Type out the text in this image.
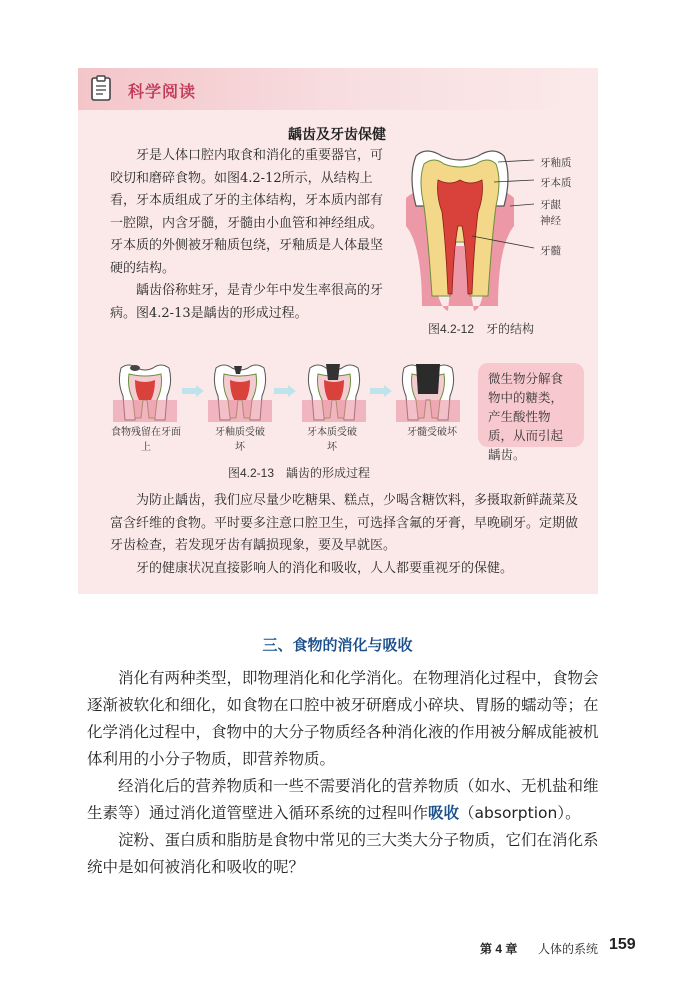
科学阅读
龋齿及牙齿保健

牙是人体口腔内取食和消化的重要器官，可咬切和磨碎食物。如图4.2-12所示，从结构上看，牙本质组成了牙的主体结构，牙本质内部有一腔隙，内含牙髓，牙髓由小血管和神经组成。牙本质的外侧被牙釉质包绕，牙釉质是人体最坚硬的结构。

龋齿俗称蛀牙，是青少年中发生率很高的牙病。图4.2-13是龋齿的形成过程。

牙釉质
牙本质
牙龈
神经
牙髓
图4.2-12　牙的结构
食物残留在牙面上
牙釉质受破坏
牙本质受破坏
牙髓受破坏
微生物分解食物中的糖类，产生酸性物质，从而引起龋齿。
图4.2-13　龋齿的形成过程

为防止龋齿，我们应尽量少吃糖果、糕点，少喝含糖饮料，多摄取新鲜蔬菜及富含纤维的食物。平时要多注意口腔卫生，可选择含氟的牙膏，早晚刷牙。定期做牙齿检查，若发现牙齿有龋损现象，要及早就医。

牙的健康状况直接影响人的消化和吸收，人人都要重视牙的保健。

三、食物的消化与吸收

消化有两种类型，即物理消化和化学消化。在物理消化过程中，食物会逐渐被软化和细化，如食物在口腔中被牙研磨成小碎块、胃肠的蠕动等；在化学消化过程中，食物中的大分子物质经各种消化液的作用被分解成能被机体利用的小分子物质，即营养物质。

经消化后的营养物质和一些不需要消化的营养物质（如水、无机盐和维生素等）通过消化道管壁进入循环系统的过程叫作吸收（absorption）。

淀粉、蛋白质和脂肪是食物中常见的三大类大分子物质，它们在消化系统中是如何被消化和吸收的呢？

第 4 章 人体的系统 159
